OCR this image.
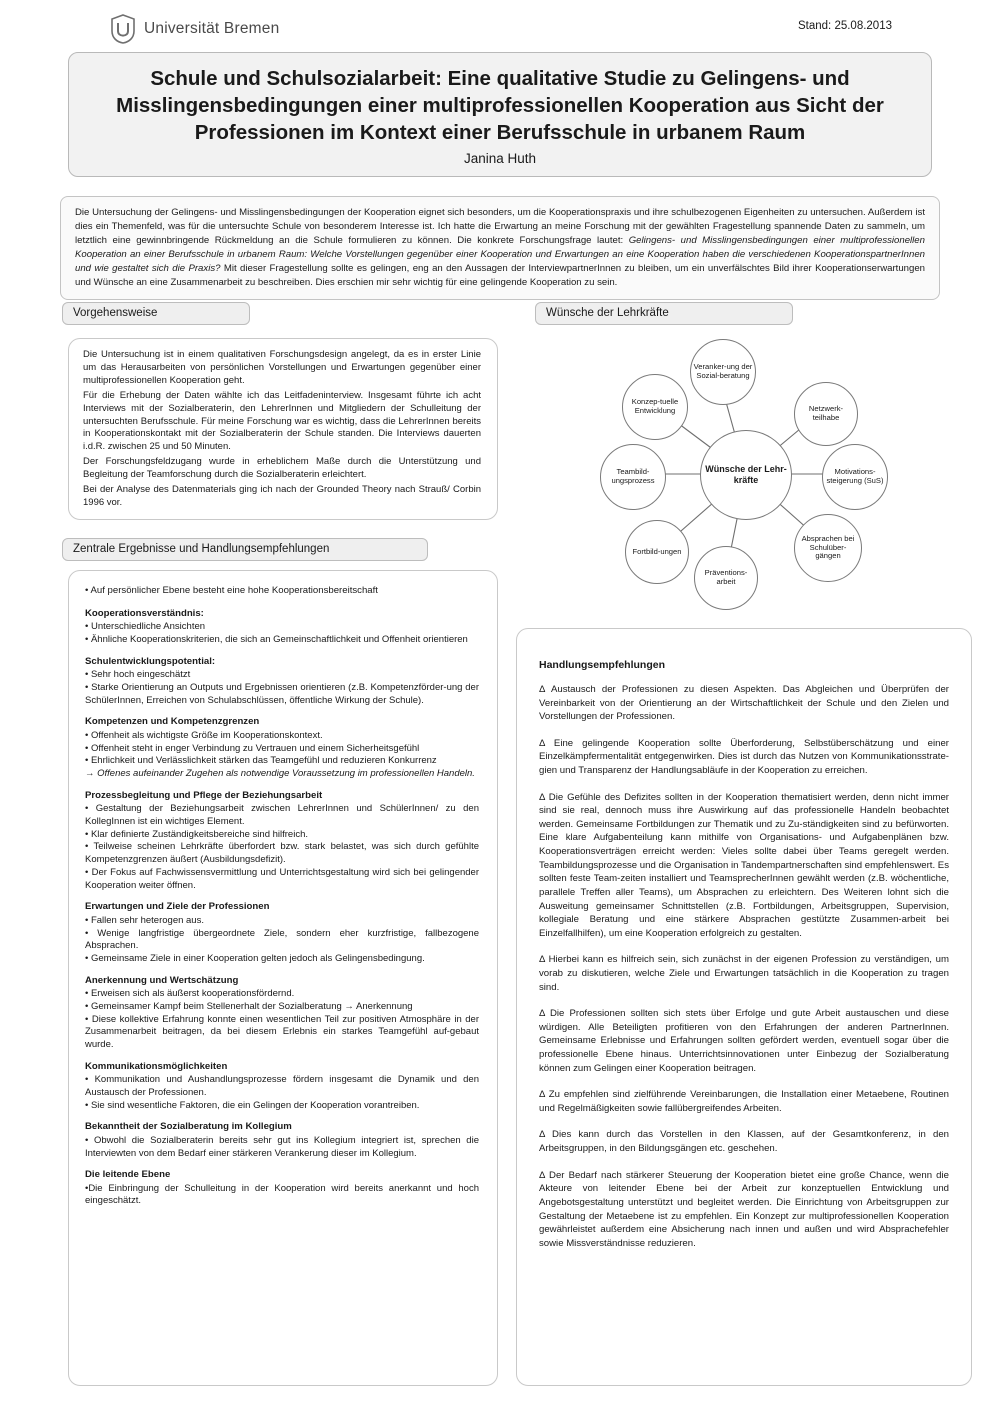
Universität Bremen	Stand: 25.08.2013
Schule und Schulsozialarbeit: Eine qualitative Studie zu Gelingens- und Misslingensbedingungen einer multiprofessionellen Kooperation aus Sicht der Professionen im Kontext einer Berufsschule in urbanem Raum
Janina Huth

Die Untersuchung der Gelingens- und Misslingensbedingungen der Kooperation eignet sich besonders, um die Kooperationspraxis und ihre schulbezogenen Eigenheiten zu untersuchen. Außerdem ist dies ein Themenfeld, was für die untersuchte Schule von besonderem Interesse ist. Ich hatte die Erwartung an meine Forschung mit der gewählten Fragestellung spannende Daten zu sammeln, um letztlich eine gewinnbringende Rückmeldung an die Schule formulieren zu können. Die konkrete Forschungsfrage lautet: Gelingens- und Misslingensbedingungen einer multiprofessionellen Kooperation an einer Berufsschule in urbanem Raum: Welche Vorstellungen gegenüber einer Kooperation und Erwartungen an eine Kooperation haben die verschiedenen KooperationspartnerInnen und wie gestaltet sich die Praxis? Mit dieser Fragestellung sollte es gelingen, eng an den Aussagen der InterviewpartnerInnen zu bleiben, um ein unverfälschtes Bild ihrer Kooperationserwartungen und Wünsche an eine Zusammenarbeit zu beschreiben. Dies erschien mir sehr wichtig für eine gelingende Kooperation zu sein.

Vorgehensweise
Zentrale Ergebnisse und Handlungsempfehlungen
Wünsche der Lehrkräfte

Die Untersuchung ist in einem qualitativen Forschungsdesign angelegt, da es in erster Linie um das Herausarbeiten von persönlichen Vorstellungen und Erwartungen gegenüber einer multiprofessionellen Kooperation geht.

Für die Erhebung der Daten wählte ich das Leitfadeninterview. Insgesamt führte ich acht Interviews mit der Sozialberaterin, den LehrerInnen und Mitgliedern der Schulleitung der untersuchten Berufsschule. Für meine Forschung war es wichtig, dass die LehrerInnen bereits in Kooperationskontakt mit der Sozialberaterin der Schule standen. Die Interviews dauerten i.d.R. zwischen 25 und 50 Minuten.

Der Forschungsfeldzugang wurde in erheblichem Maße durch die Unterstützung und Begleitung der Teamforschung durch die Sozialberaterin erleichtert.

Bei der Analyse des Datenmaterials ging ich nach der Grounded Theory nach Strauß/ Corbin 1996 vor.

Wünsche der Lehr-kräfte
Veranker-ung der Sozial-beratung
Netzwerk-teilhabe
Motivations-steigerung (SuS)
Absprachen bei Schulüber-gängen
Präventions-arbeit
Fortbild-ungen
Teambild-ungsprozess
Konzep-tuelle Entwicklung

• Auf persönlicher Ebene besteht eine hohe Kooperationsbereitschaft

Kooperationsverständnis:

• Unterschiedliche Ansichten

• Ähnliche Kooperationskriterien, die sich an Gemeinschaftlichkeit und Offenheit orientieren

Schulentwicklungspotential:

• Sehr hoch eingeschätzt

• Starke Orientierung an Outputs und Ergebnissen orientieren (z.B. Kompetenzförder-ung der SchülerInnen, Erreichen von Schulabschlüssen, öffentliche Wirkung der Schule).

Kompetenzen und Kompetenzgrenzen

• Offenheit als wichtigste Größe im Kooperationskontext.

• Offenheit steht in enger Verbindung zu Vertrauen und einem Sicherheitsgefühl

• Ehrlichkeit und Verlässlichkeit stärken das Teamgefühl und reduzieren Konkurrenz

→ Offenes aufeinander Zugehen als notwendige Voraussetzung im professionellen Handeln.

Prozessbegleitung und Pflege der Beziehungsarbeit

• Gestaltung der Beziehungsarbeit zwischen LehrerInnen und SchülerInnen/ zu den KollegInnen ist ein wichtiges Element.

• Klar definierte Zuständigkeitsbereiche sind hilfreich.

• Teilweise scheinen Lehrkräfte überfordert bzw. stark belastet, was sich durch gefühlte Kompetenzgrenzen äußert (Ausbildungsdefizit).

• Der Fokus auf Fachwissensvermittlung und Unterrichtsgestaltung wird sich bei gelingender Kooperation weiter öffnen.

Erwartungen und Ziele der Professionen

• Fallen sehr heterogen aus.

• Wenige langfristige übergeordnete Ziele, sondern eher kurzfristige, fallbezogene Absprachen.

• Gemeinsame Ziele in einer Kooperation gelten jedoch als Gelingensbedingung.

Anerkennung und Wertschätzung

• Erweisen sich als äußerst kooperationsfördernd.

• Gemeinsamer Kampf beim Stellenerhalt der Sozialberatung → Anerkennung

• Diese kollektive Erfahrung konnte einen wesentlichen Teil zur positiven Atmosphäre in der Zusammenarbeit beitragen, da bei diesem Erlebnis ein starkes Teamgefühl auf-gebaut wurde.

Kommunikationsmöglichkeiten

• Kommunikation und Aushandlungsprozesse fördern insgesamt die Dynamik und den Austausch der Professionen.

• Sie sind wesentliche Faktoren, die ein Gelingen der Kooperation vorantreiben.

Bekanntheit der Sozialberatung im Kollegium

• Obwohl die Sozialberaterin bereits sehr gut ins Kollegium integriert ist, sprechen die Interviewten von dem Bedarf einer stärkeren Verankerung dieser im Kollegium.

Die leitende Ebene

•Die Einbringung der Schulleitung in der Kooperation wird bereits anerkannt und hoch eingeschätzt.

Handlungsempfehlungen

Δ Austausch der Professionen zu diesen Aspekten. Das Abgleichen und Überprüfen der Vereinbarkeit von der Orientierung an der Wirtschaftlichkeit der Schule und den Zielen und Vorstellungen der Professionen.

Δ Eine gelingende Kooperation sollte Überforderung, Selbstüberschätzung und einer Einzelkämpfermentalität entgegenwirken. Dies ist durch das Nutzen von Kommunikationsstrate-gien und Transparenz der Handlungsabläufe in der Kooperation zu erreichen.

Δ Die Gefühle des Defizites sollten in der Kooperation thematisiert werden, denn nicht immer sind sie real, dennoch muss ihre Auswirkung auf das professionelle Handeln beobachtet werden. Gemeinsame Fortbildungen zur Thematik und zu Zu-ständigkeiten sind zu befürworten. Eine klare Aufgabenteilung kann mithilfe von Organisations- und Aufgabenplänen bzw. Kooperationsverträgen erreicht werden: Vieles sollte dabei über Teams geregelt werden. Teambildungsprozesse und die Organisation in Tandempartnerschaften sind empfehlenswert. Es sollten feste Team-zeiten installiert und TeamsprecherInnen gewählt werden (z.B. wöchentliche, parallele Treffen aller Teams), um Absprachen zu erleichtern. Des Weiteren lohnt sich die Ausweitung gemeinsamer Schnittstellen (z.B. Fortbildungen, Arbeitsgruppen, Supervision, kollegiale Beratung und eine stärkere Absprachen gestützte Zusammen-arbeit bei Einzelfallhilfen), um eine Kooperation erfolgreich zu gestalten.

Δ Hierbei kann es hilfreich sein, sich zunächst in der eigenen Profession zu verständigen, um vorab zu diskutieren, welche Ziele und Erwartungen tatsächlich in die Kooperation zu tragen sind.

Δ Die Professionen sollten sich stets über Erfolge und gute Arbeit austauschen und diese würdigen. Alle Beteiligten profitieren von den Erfahrungen der anderen PartnerInnen. Gemeinsame Erlebnisse und Erfahrungen sollten gefördert werden, eventuell sogar über die professionelle Ebene hinaus. Unterrichtsinnovationen unter Einbezug der Sozialberatung können zum Gelingen einer Kooperation beitragen.

Δ Zu empfehlen sind zielführende Vereinbarungen, die Installation einer Metaebene, Routinen und Regelmäßigkeiten sowie fallübergreifendes Arbeiten.

Δ Dies kann durch das Vorstellen in den Klassen, auf der Gesamtkonferenz, in den Arbeitsgruppen, in den Bildungsgängen etc. geschehen.

Δ Der Bedarf nach stärkerer Steuerung der Kooperation bietet eine große Chance, wenn die Akteure von leitender Ebene bei der Arbeit zur konzeptuellen Entwicklung und Angebotsgestaltung unterstützt und begleitet werden. Die Einrichtung von Arbeitsgruppen zur Gestaltung der Metaebene ist zu empfehlen. Ein Konzept zur multiprofessionellen Kooperation gewährleistet außerdem eine Absicherung nach innen und außen und wird Absprachefehler sowie Missverständnisse reduzieren.
